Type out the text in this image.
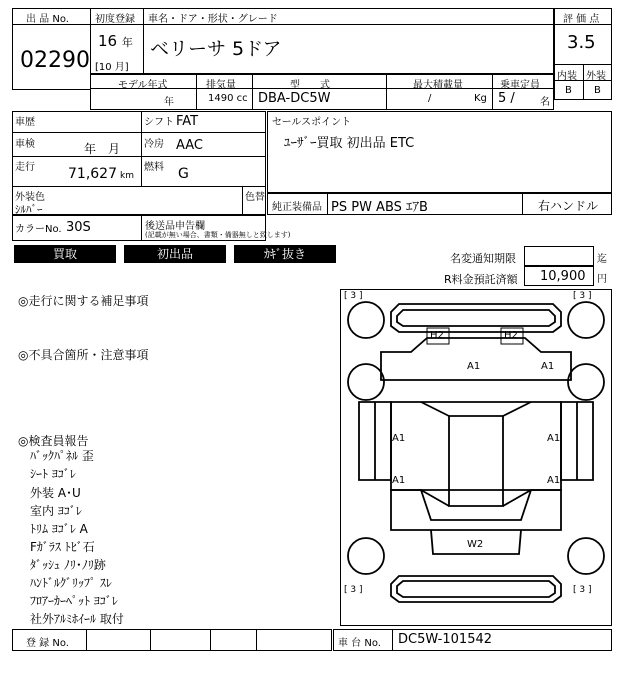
出 品 No.
02290
初度登録 車名・ドア・形状・グレード
16 年
[10 月]
ベリーサ 5ドア
評 価 点
3.5
内装 外装
B B
モデル年式	排気量	型　　式	最大積載量	乗車定員
年	1490 cc DBA-DC5W	/	Kg 5 /	名
車歴	シフト FAT
車検	年　月 冷房 AAC
走行 71,627 km
燃料 G
外装色
ｼﾙﾊﾞｰ
色替
カラーNo. 30S	後送品申告欄
(記載が無い場合、書類・備器無しと致します)
セールスポイント
ﾕｰｻﾞｰ買取 初出品 ETC
純正装備品 PS PW ABS ｴｱB	右ハンドル
買取	初出品	ｶｷﾞ抜き	名変通知期限	迄
R料金預託済額 10,900 円
◎走行に関する補足事項
◎不具合箇所・注意事項
◎検査員報告
ﾊﾞｯｸﾊﾟﾈﾙ 歪
ｼｰﾄ ﾖｺﾞﾚ
外装 A･U
室内 ﾖｺﾞﾚ
ﾄﾘﾑ ﾖｺﾞﾚ A
Fｶﾞﾗｽ ﾄﾋﾞ石
ﾀﾞｯｼｭ ﾉﾘ･ﾉﾘ跡
ﾊﾝﾄﾞﾙｸﾞﾘｯﾌﾟ ｽﾚ
ﾌﾛｱｰｶｰﾍﾟｯﾄ ﾖｺﾞﾚ
社外ｱﾙﾐﾎｲｰﾙ 取付
[ 3 ]	[ 3 ]
[ 3 ]	[ 3 ]
H2	H2
A1	A1
A1	A1
A1	A1
W2
登 録 No.	車 台 No. DC5W-101542
